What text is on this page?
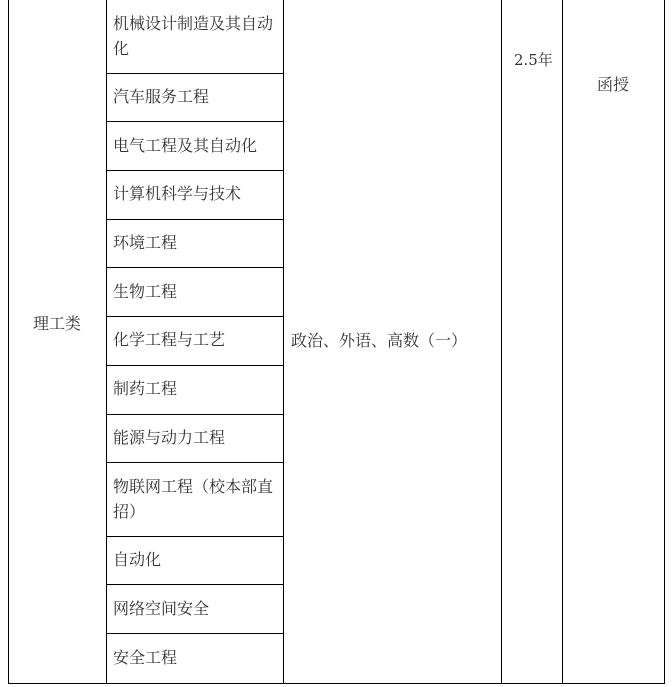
理工类
机械设计制造及其自动化
汽车服务工程
电气工程及其自动化
计算机科学与技术
环境工程
生物工程
化学工程与工艺
制药工程
能源与动力工程
物联网工程（校本部直招）
自动化
网络空间安全
安全工程
政治、外语、高数（一）
2.5年
函授
